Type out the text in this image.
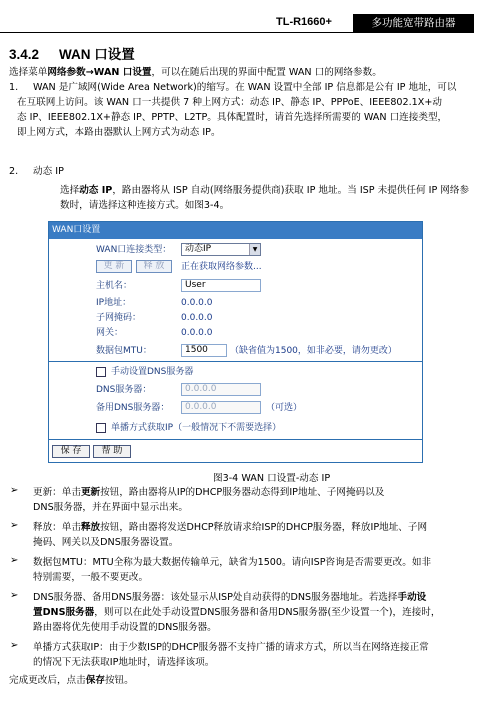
TL-R1660+	多功能宽带路由器
3.4.2 WAN 口设置
选择菜单网络参数→WAN 口设置，可以在随后出现的界面中配置 WAN 口的网络参数。
1. WAN 是广域网(Wide Area Network)的缩写。在 WAN 设置中全部 IP 信息都是公有 IP 地址，可以
在互联网上访问。该 WAN 口一共提供 7 种上网方式：动态 IP、静态 IP、PPPoE、IEEE802.1X+动
态 IP、IEEE802.1X+静态 IP、PPTP、L2TP。具体配置时，请首先选择所需要的 WAN 口连接类型，
即上网方式，本路由器默认上网方式为动态 IP。
2. 动态 IP
选择动态 IP，路由器将从 ISP 自动(网络服务提供商)获取 IP 地址。当 ISP 未提供任何 IP 网络参
数时，请选择这种连接方式。如图3-4。
WAN口设置
WAN口连接类型：	动态IP	▼
更 新	释 放	正在获取网络参数...
主机名：	User
IP地址：	0.0.0.0
子网掩码：	0.0.0.0
网关：	0.0.0.0
数据包MTU：	1500	（缺省值为1500，如非必要，请勿更改）
手动设置DNS服务器
DNS服务器：	0.0.0.0
备用DNS服务器：	0.0.0.0	（可选）
单播方式获取IP（一般情况下不需要选择）
保 存	帮 助
图3-4 WAN 口设置-动态 IP
➢ 更新：单击更新按钮，路由器将从IP的DHCP服务器动态得到IP地址、子网掩码以及
DNS服务器，并在界面中显示出来。
➢ 释放：单击释放按钮，路由器将发送DHCP释放请求给ISP的DHCP服务器，释放IP地址、子网
掩码、网关以及DNS服务器设置。
➢ 数据包MTU：MTU全称为最大数据传输单元，缺省为1500。请向ISP咨询是否需要更改。如非
特别需要，一般不要更改。
➢ DNS服务器、备用DNS服务器：该处显示从ISP处自动获得的DNS服务器地址。若选择手动设
置DNS服务器，则可以在此处手动设置DNS服务器和备用DNS服务器(至少设置一个)，连接时，
路由器将优先使用手动设置的DNS服务器。
➢ 单播方式获取IP：由于少数ISP的DHCP服务器不支持广播的请求方式，所以当在网络连接正常
的情况下无法获取IP地址时，请选择该项。
完成更改后，点击保存按钮。
